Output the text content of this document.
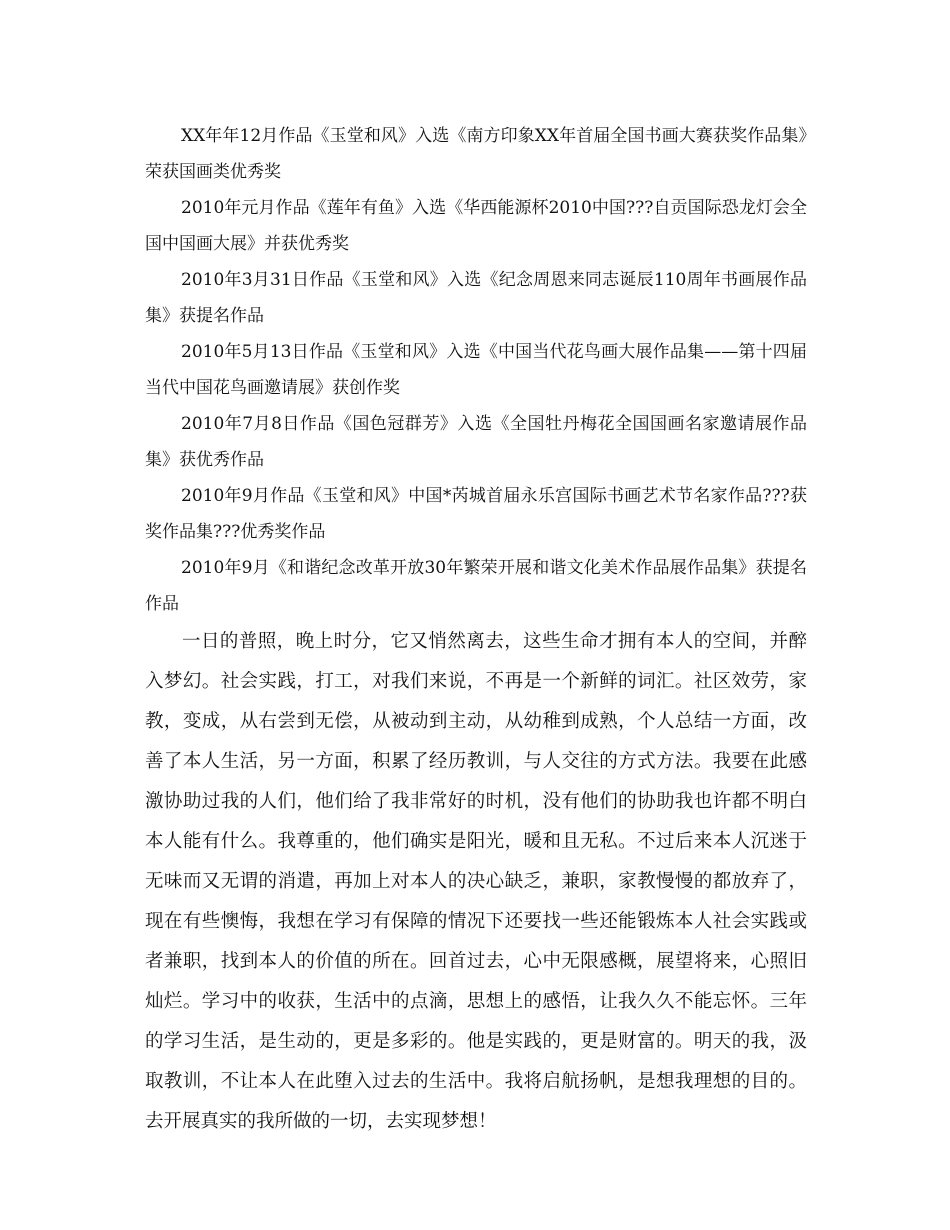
XX年年12月作品《玉堂和风》入选《南方印象XX年首届全国书画大赛获奖作品集》荣获国画类优秀奖

2010年元月作品《莲年有鱼》入选《华西能源杯2010中国???自贡国际恐龙灯会全国中国画大展》并获优秀奖

2010年3月31日作品《玉堂和风》入选《纪念周恩来同志诞辰110周年书画展作品集》获提名作品

2010年5月13日作品《玉堂和风》入选《中国当代花鸟画大展作品集——第十四届当代中国花鸟画邀请展》获创作奖

2010年7月8日作品《国色冠群芳》入选《全国牡丹梅花全国国画名家邀请展作品集》获优秀作品

2010年9月作品《玉堂和风》中国*芮城首届永乐宫国际书画艺术节名家作品???获奖作品集???优秀奖作品

2010年9月《和谐纪念改革开放30年繁荣开展和谐文化美术作品展作品集》获提名作品

一日的普照，晚上时分，它又悄然离去，这些生命才拥有本人的空间，并醉入梦幻。社会实践，打工，对我们来说，不再是一个新鲜的词汇。社区效劳，家教，变成，从右尝到无偿，从被动到主动，从幼稚到成熟，个人总结一方面，改善了本人生活，另一方面，积累了经历教训，与人交往的方式方法。我要在此感激协助过我的人们，他们给了我非常好的时机，没有他们的协助我也许都不明白本人能有什么。我尊重的，他们确实是阳光，暖和且无私。不过后来本人沉迷于无味而又无谓的消遣，再加上对本人的决心缺乏，兼职，家教慢慢的都放弃了，现在有些懊悔，我想在学习有保障的情况下还要找一些还能锻炼本人社会实践或者兼职，找到本人的价值的所在。回首过去，心中无限感概，展望将来，心照旧灿烂。学习中的收获，生活中的点滴，思想上的感悟，让我久久不能忘怀。三年的学习生活，是生动的，更是多彩的。他是实践的，更是财富的。明天的我，汲取教训，不让本人在此堕入过去的生活中。我将启航扬帆，是想我理想的目的。去开展真实的我所做的一切，去实现梦想！
